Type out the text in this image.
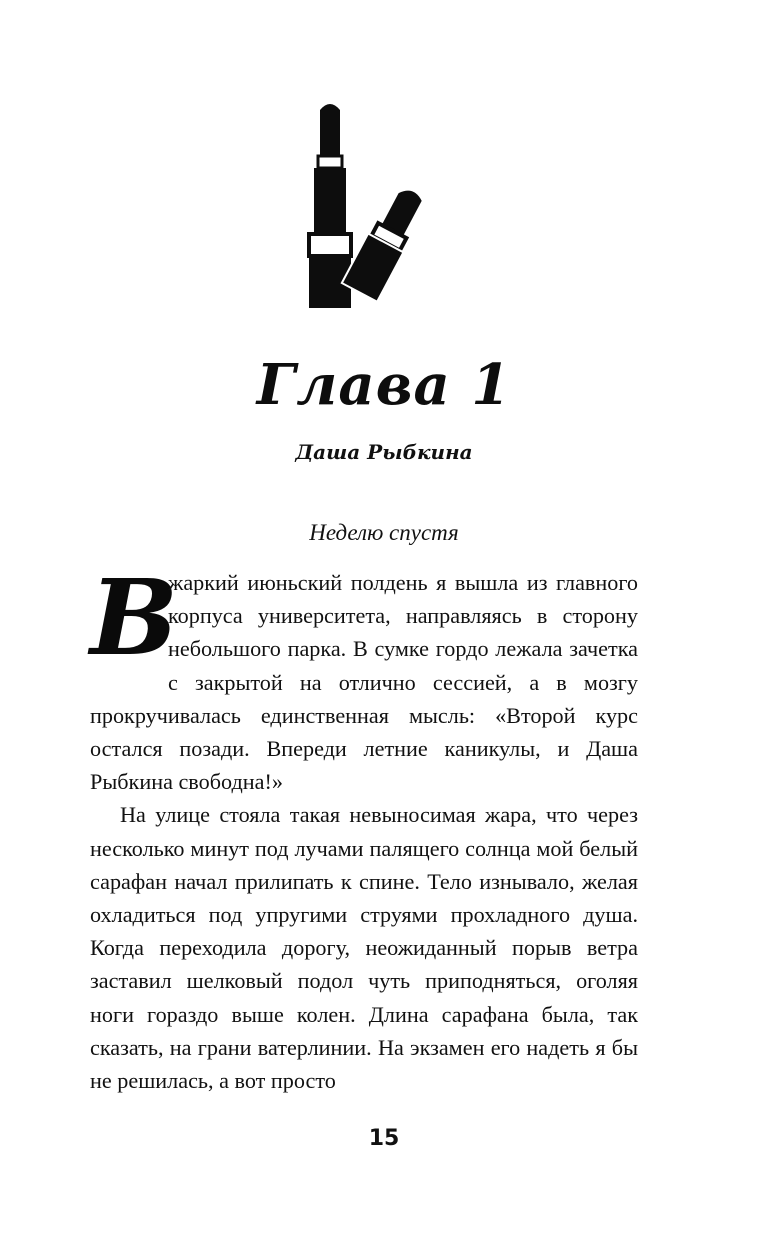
Глава 1
Даша Рыбкина
Неделю спустя

В
жаркий июньский полдень я вышла из главного корпуса университета, направляясь в сторону небольшого парка. В сумке гордо лежала зачетка с закрытой на отлично сессией, а в мозгу прокручивалась единственная мысль: «Второй курс остался позади. Впереди летние каникулы, и Даша Рыбкина свободна!»

На улице стояла такая невыносимая жара, что через несколько минут под лучами палящего солнца мой белый сарафан начал прилипать к спине. Тело изнывало, желая охладиться под упругими струями прохладного душа. Когда переходила дорогу, неожиданный порыв ветра заставил шелковый подол чуть приподняться, оголяя ноги гораздо выше колен. Длина сарафана была, так сказать, на грани ватерлинии. На экзамен его надеть я бы не решилась, а вот просто

15
